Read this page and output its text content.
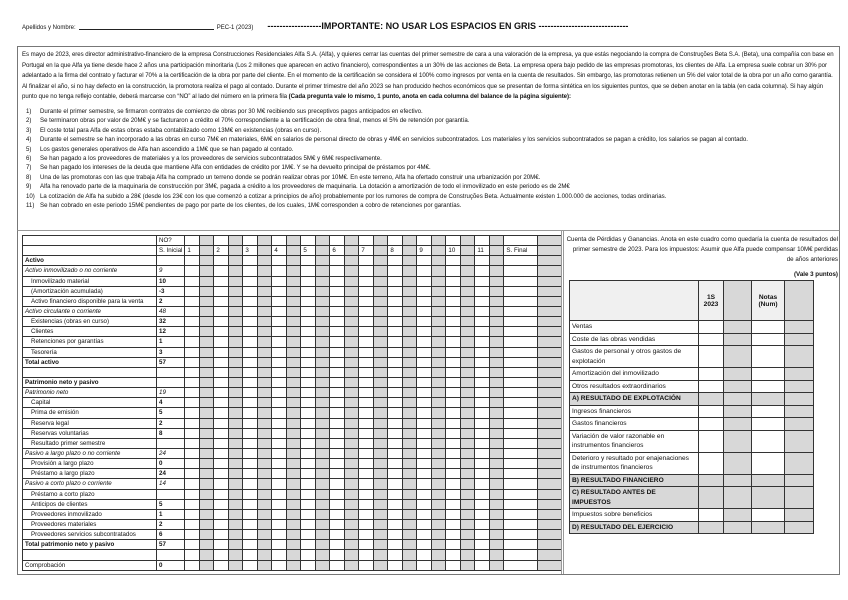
Apellidos y Nombre:	PEC-1 (2023) ------------------IMPORTANTE: NO USAR LOS ESPACIOS EN GRIS ------------------------------

Es mayo de 2023, eres director administrativo-financiero de la empresa Construcciones Residenciales Alfa S.A. (Alfa), y quieres cerrar las cuentas del primer semestre de cara a una valoración de la empresa, ya que estás negociando la compra de Construções Beta S.A. (Beta), una compañía con base en Portugal en la que Alfa ya tiene desde hace 2 años una participación minoritaria (Los 2 millones que aparecen en activo financiero), correspondientes a un 30% de las acciones de Beta. La empresa opera bajo pedido de las empresas promotoras, los clientes de Alfa. La empresa suele cobrar un 30% por adelantado a la firma del contrato y facturar el 70% a la certificación de la obra por parte del cliente. En el momento de la certificación se considera el 100% como ingresos por venta en la cuenta de resultados. Sin embargo, las promotoras retienen un 5% del valor total de la obra por un año como garantía. Al finalizar el año, si no hay defecto en la construcción, la promotora realiza el pago al contado. Durante el primer trimestre del año 2023 se han producido hechos económicos que se presentan de forma sintética en los siguientes puntos, que se deben anotar en la tabla (en cada columna). Si hay algún punto que no tenga reflejo contable, deberá marcarse con “NO” al lado del número en la primera fila (Cada pregunta vale lo mismo, 1 punto, anota en cada columna del balance de la página siguiente):

1)	Durante el primer semestre, se firmaron contratos de comienzo de obras por 30 M€ recibiendo sus preceptivos pagos anticipados en efectivo.
2)	Se terminaron obras por valor de 20M€ y se facturaron a crédito el 70% correspondiente a la certificación de obra final, menos el 5% de retención por garantía.
3)	El coste total para Alfa de estas obras estaba contabilizado como 13M€ en existencias (obras en curso).
4)	Durante el semestre se han incorporado a las obras en curso 7M€ en materiales, 6M€ en salarios de personal directo de obras y 4M€ en servicios subcontratados. Los materiales y los servicios subcontratados se pagan a crédito, los salarios se pagan al contado.
5)	Los gastos generales operativos de Alfa han ascendido a 1M€ que se han pagado al contado.
6)	Se han pagado a los proveedores de materiales y a los proveedores de servicios subcontratados 5M€ y 6M€ respectivamente.
7)	Se han pagado los intereses de la deuda que mantiene Alfa con entidades de crédito por 1M€. Y se ha devuelto principal de préstamos por 4M€.
8)	Una de las promotoras con las que trabaja Alfa ha comprado un terreno donde se podrán realizar obras por 10M€. En este terreno, Alfa ha ofertado construir una urbanización por 20M€.
9)	Alfa ha renovado parte de la maquinaria de construcción por 3M€, pagada a crédito a los proveedores de maquinaria. La dotación a amortización de todo el inmovilizado en este periodo es de 2M€
10) La cotización de Alfa ha subido a 28€ (desde los 23€ con los que comenzó a cotizar a principios de año) probablemente por los rumores de compra de Construções Beta. Actualmente existen 1.000.000 de acciones, todas ordinarias.
11) Se han cobrado en este periodo 15M€ pendientes de pago por parte de los clientes, de los cuales, 1M€ corresponden a cobro de retenciones por garantías.
	NO?																								
	S. Inicial	1		2		3		4		5		6		7		8		9		10		11		S. Final	
Activo																									
Activo inmovilizado o no corriente	9																								
Inmovilizado material	10																								
(Amortización acumulada)	-3																								
Activo financiero disponible para la venta	2																								
Activo circulante o corriente	48																								
Existencias (obras en curso)	32																								
Clientes	12																								
Retenciones por garantías	1																								
Tesorería	3																								
Total activo	57																								

Patrimonio neto y pasivo																									
Patrimonio neto	19																								
Capital	4																								
Prima de emisión	5																								
Reserva legal	2																								
Reservas voluntarias	8																								
Resultado primer semestre																									
Pasivo a largo plazo o no corriente	24																								
Provisión a largo plazo	0																								
Préstamo a largo plazo	24																								
Pasivo a corto plazo o corriente	14																								
Préstamo a corto plazo																									
Anticipos de clientes	5																								
Proveedores inmovilizado	1																								
Proveedores materiales	2																								
Proveedores servicios subcontratados	6																								
Total patrimonio neto y pasivo	57																								

Comprobación	0																								
Cuenta de Pérdidas y Ganancias. Anota en este cuadro como quedaría la cuenta de resultados del primer semestre de 2023. Para los impuestos: Asumir que Alfa puede compensar 10M€ perdidas de años anteriores
(Vale 3 puntos)
	1S 2023		Notas (Num)	
Ventas				
Coste de las obras vendidas				
Gastos de personal y otros gastos de explotación				
Amortización del inmovilizado				
Otros resultados extraordinarios				
A) RESULTADO DE EXPLOTACIÓN				
Ingresos financieros				
Gastos financieros				
Variación de valor razonable en instrumentos financieros				
Deterioro y resultado por enajenaciones de instrumentos financieros				
B) RESULTADO FINANCIERO				
C) RESULTADO ANTES DE IMPUESTOS				
Impuestos sobre beneficios				
D) RESULTADO DEL EJERCICIO				
